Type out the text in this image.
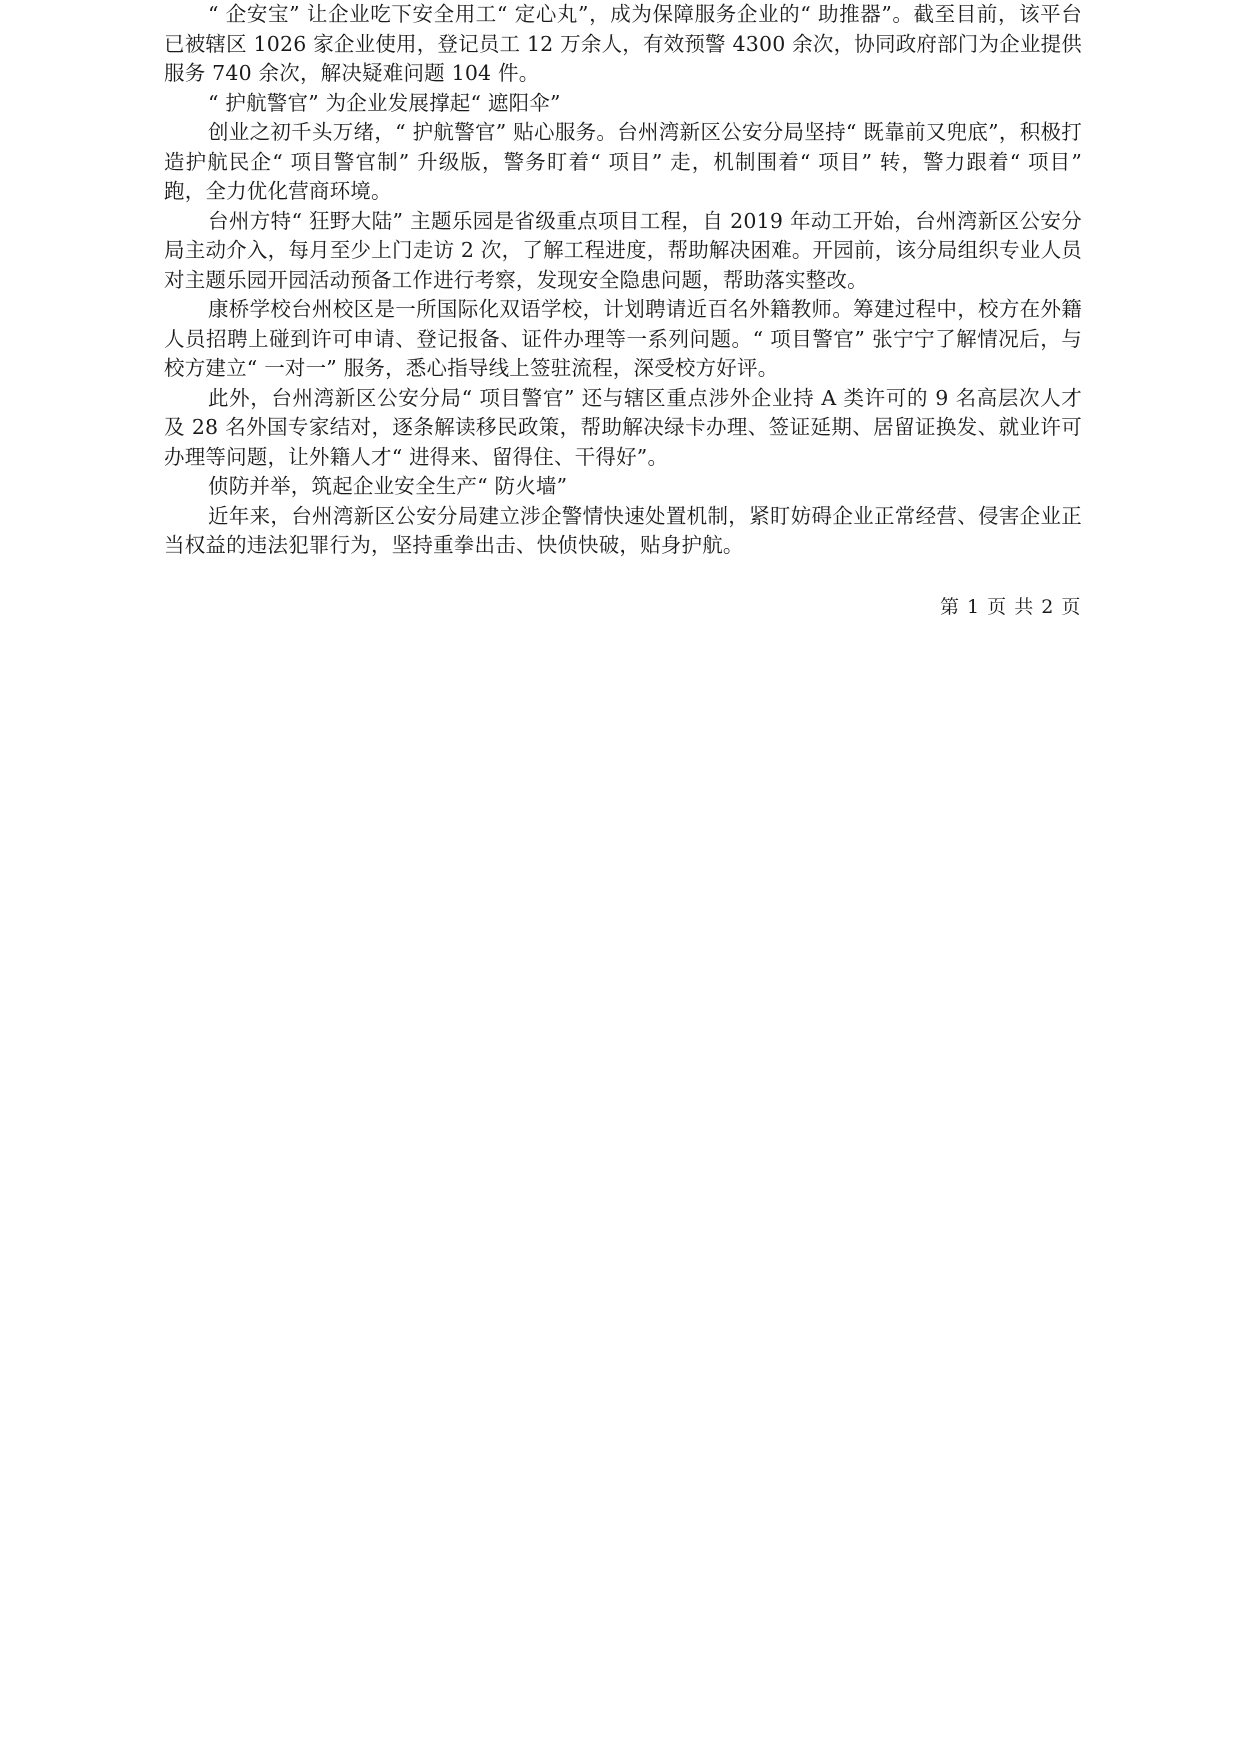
“ 企安宝” 让企业吃下安全用工“ 定心丸”，成为保障服务企业的“ 助推器”。截至目前，该平台已被辖区 1026 家企业使用，登记员工 12 万余人，有效预警 4300 余次，协同政府部门为企业提供服务 740 余次，解决疑难问题 104 件。

“ 护航警官” 为企业发展撑起“ 遮阳伞”

创业之初千头万绪，“ 护航警官” 贴心服务。台州湾新区公安分局坚持“ 既靠前又兜底”，积极打造护航民企“ 项目警官制” 升级版，警务盯着“ 项目” 走，机制围着“ 项目” 转，警力跟着“ 项目” 跑，全力优化营商环境。

台州方特“ 狂野大陆” 主题乐园是省级重点项目工程，自 2019 年动工开始，台州湾新区公安分局主动介入，每月至少上门走访 2 次，了解工程进度，帮助解决困难。开园前，该分局组织专业人员对主题乐园开园活动预备工作进行考察，发现安全隐患问题，帮助落实整改。

康桥学校台州校区是一所国际化双语学校，计划聘请近百名外籍教师。筹建过程中，校方在外籍人员招聘上碰到许可申请、登记报备、证件办理等一系列问题。“ 项目警官” 张宁宁了解情况后，与校方建立“ 一对一” 服务，悉心指导线上签驻流程，深受校方好评。

此外，台州湾新区公安分局“ 项目警官” 还与辖区重点涉外企业持 A 类许可的 9 名高层次人才及 28 名外国专家结对，逐条解读移民政策，帮助解决绿卡办理、签证延期、居留证换发、就业许可办理等问题，让外籍人才“ 进得来、留得住、干得好”。

侦防并举，筑起企业安全生产“ 防火墙”

近年来，台州湾新区公安分局建立涉企警情快速处置机制，紧盯妨碍企业正常经营、侵害企业正当权益的违法犯罪行为，坚持重拳出击、快侦快破，贴身护航。

第 1 页 共 2 页
